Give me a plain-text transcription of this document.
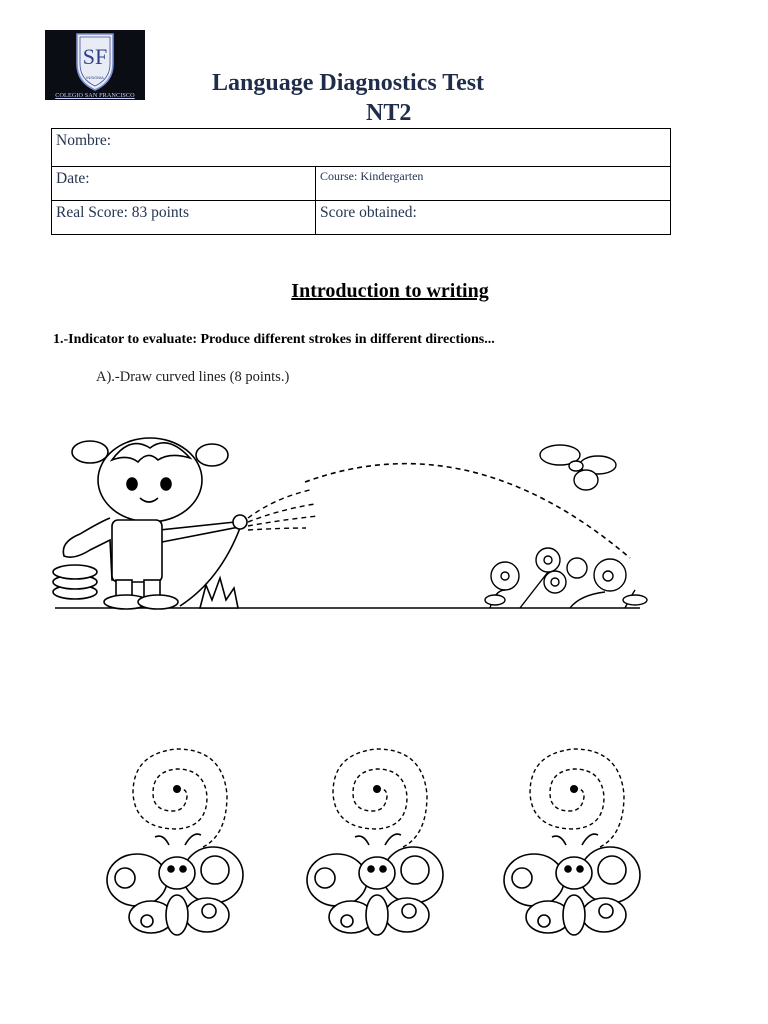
SF
INSIGNIA
COLEGIO SAN FRANCISCO	Language Diagnostics Test
NT2
Nombre:	
Date:	Course: Kindergarten
Real Score: 83 points	Score obtained:
Introduction to writing
1.-Indicator to evaluate: Produce different strokes in different directions...
A).-Draw curved lines (8 points.)
